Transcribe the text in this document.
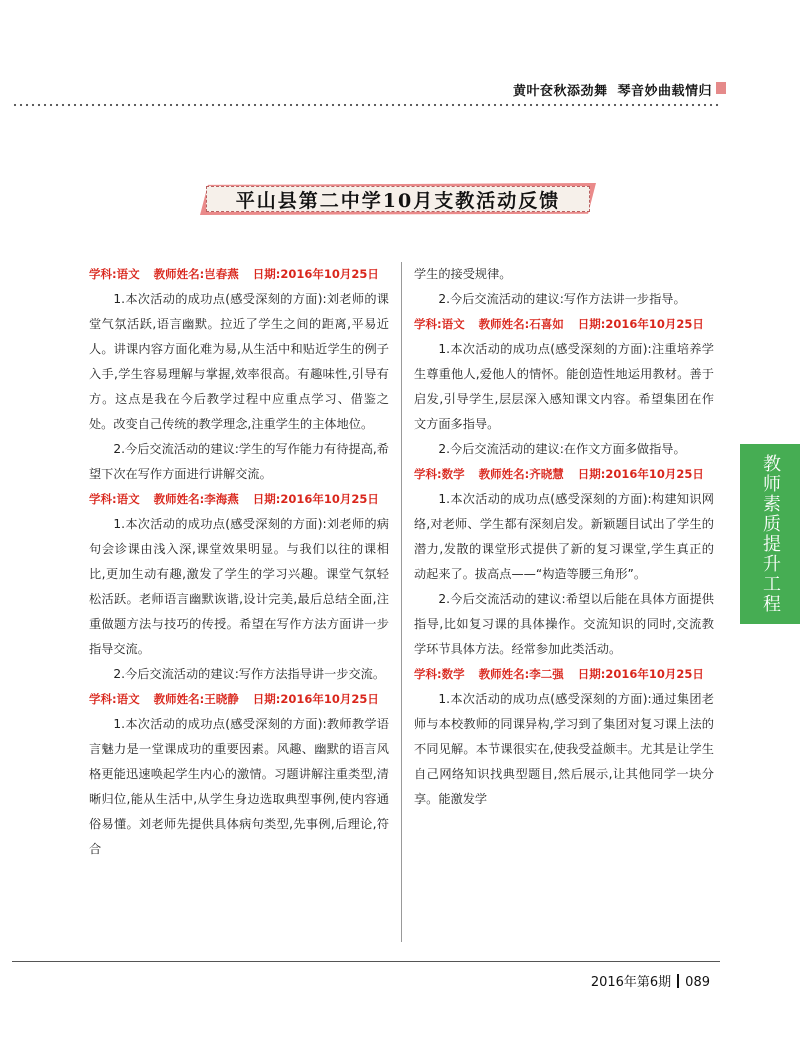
黄叶奁秋添劲舞 琴音妙曲载情归
平山县第二中学10月支教活动反馈
学科:语文 教师姓名:岂春燕 日期:2016年10月25日

1.本次活动的成功点(感受深刻的方面):刘老师的课堂气氛活跃,语言幽默。拉近了学生之间的距离,平易近人。讲课内容方面化难为易,从生活中和贴近学生的例子入手,学生容易理解与掌握,效率很高。有趣味性,引导有方。这点是我在今后教学过程中应重点学习、借鉴之处。改变自己传统的教学理念,注重学生的主体地位。

2.今后交流活动的建议:学生的写作能力有待提高,希望下次在写作方面进行讲解交流。

学科:语文 教师姓名:李海燕 日期:2016年10月25日

1.本次活动的成功点(感受深刻的方面):刘老师的病句会诊课由浅入深,课堂效果明显。与我们以往的课相比,更加生动有趣,激发了学生的学习兴趣。课堂气氛轻松活跃。老师语言幽默诙谐,设计完美,最后总结全面,注重做题方法与技巧的传授。希望在写作方法方面讲一步指导交流。

2.今后交流活动的建议:写作方法指导讲一步交流。

学科:语文 教师姓名:王晓静 日期:2016年10月25日

1.本次活动的成功点(感受深刻的方面):教师教学语言魅力是一堂课成功的重要因素。风趣、幽默的语言风格更能迅速唤起学生内心的激情。习题讲解注重类型,清晰归位,能从生活中,从学生身边选取典型事例,使内容通俗易懂。刘老师先提供具体病句类型,先事例,后理论,符合

学生的接受规律。

2.今后交流活动的建议:写作方法讲一步指导。

学科:语文 教师姓名:石喜如 日期:2016年10月25日

1.本次活动的成功点(感受深刻的方面):注重培养学生尊重他人,爱他人的情怀。能创造性地运用教材。善于启发,引导学生,层层深入感知课文内容。希望集团在作文方面多指导。

2.今后交流活动的建议:在作文方面多做指导。

学科:数学 教师姓名:齐晓慧 日期:2016年10月25日

1.本次活动的成功点(感受深刻的方面):构建知识网络,对老师、学生都有深刻启发。新颖题目试出了学生的潜力,发散的课堂形式提供了新的复习课堂,学生真正的动起来了。拔高点——“构造等腰三角形”。

2.今后交流活动的建议:希望以后能在具体方面提供指导,比如复习课的具体操作。交流知识的同时,交流教学环节具体方法。经常参加此类活动。

学科:数学 教师姓名:李二强 日期:2016年10月25日

1.本次活动的成功点(感受深刻的方面):通过集团老师与本校教师的同课异构,学习到了集团对复习课上法的不同见解。本节课很实在,使我受益颇丰。尤其是让学生自己网络知识找典型题目,然后展示,让其他同学一块分享。能激发学

教师素质提升工程
2016年第6期 089
